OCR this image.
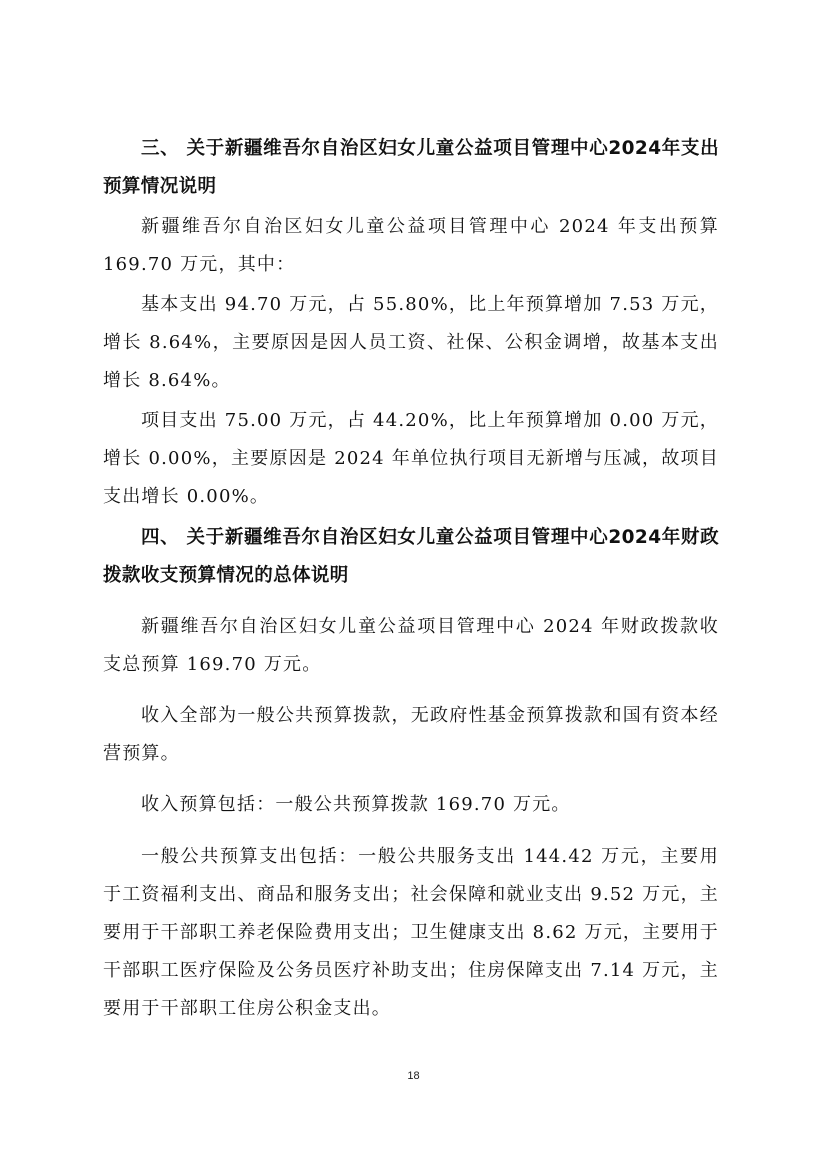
三、 关于新疆维吾尔自治区妇女儿童公益项目管理中心2024年支出预算情况说明

新疆维吾尔自治区妇女儿童公益项目管理中心 2024 年支出预算 169.70 万元，其中：

基本支出 94.70 万元，占 55.80%，比上年预算增加 7.53 万元，增长 8.64%，主要原因是因人员工资、社保、公积金调增，故基本支出增长 8.64%。

项目支出 75.00 万元，占 44.20%，比上年预算增加 0.00 万元，增长 0.00%，主要原因是 2024 年单位执行项目无新增与压减，故项目支出增长 0.00%。

四、 关于新疆维吾尔自治区妇女儿童公益项目管理中心2024年财政拨款收支预算情况的总体说明

新疆维吾尔自治区妇女儿童公益项目管理中心 2024 年财政拨款收支总预算 169.70 万元。

收入全部为一般公共预算拨款，无政府性基金预算拨款和国有资本经营预算。

收入预算包括：一般公共预算拨款 169.70 万元。

一般公共预算支出包括：一般公共服务支出 144.42 万元，主要用于工资福利支出、商品和服务支出；社会保障和就业支出 9.52 万元，主要用于干部职工养老保险费用支出；卫生健康支出 8.62 万元，主要用于干部职工医疗保险及公务员医疗补助支出；住房保障支出 7.14 万元，主要用于干部职工住房公积金支出。

18
